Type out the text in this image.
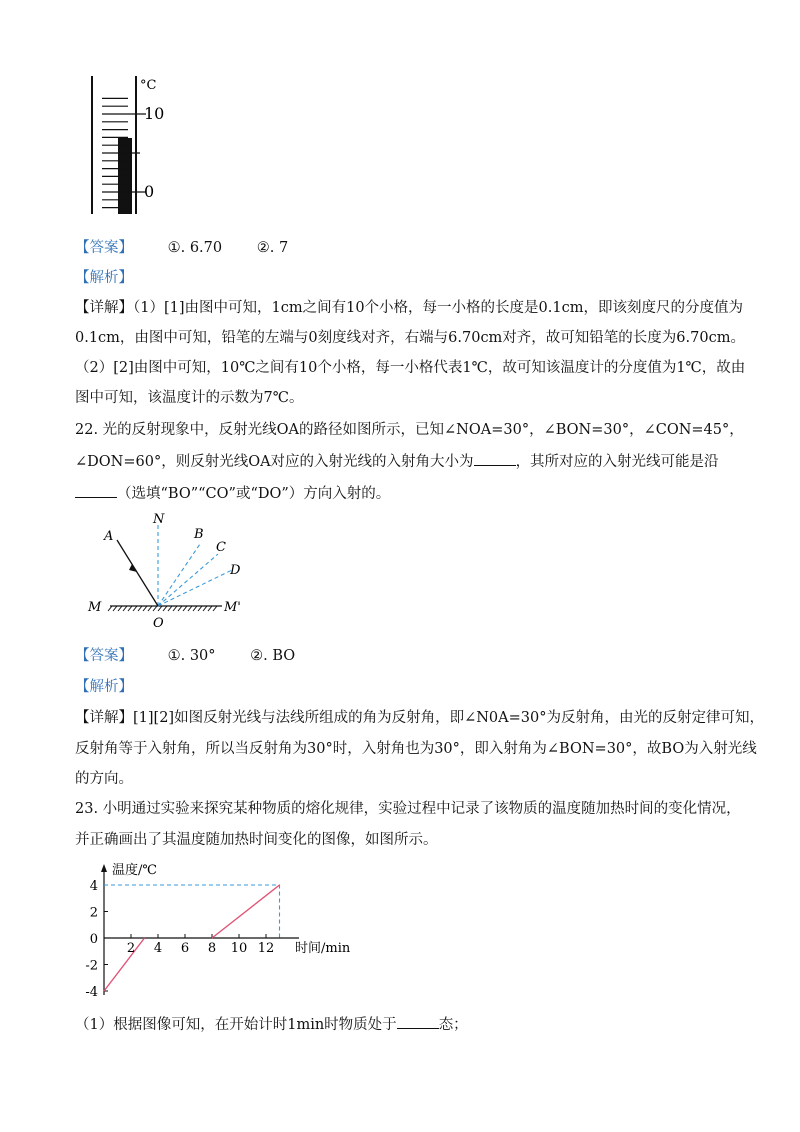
°C
10
0
【答案】 ①. 6.70 ②. 7
【解析】
【详解】（1）[1]由图中可知，1cm之间有10个小格，每一小格的长度是0.1cm，即该刻度尺的分度值为
0.1cm，由图中可知，铅笔的左端与0刻度线对齐，右端与6.70cm对齐，故可知铅笔的长度为6.70cm。
（2）[2]由图中可知，10℃之间有10个小格，每一小格代表1℃，故可知该温度计的分度值为1℃，故由
图中可知，该温度计的示数为7℃。
22. 光的反射现象中，反射光线OA的路径如图所示，已知∠NOA=30°，∠BON=30°，∠CON=45°，
∠DON=60°，则反射光线OA对应的入射光线的入射角大小为	，其所对应的入射光线可能是沿
（选填“BO”“CO”或“DO”）方向入射的。
A
N
B
C
D
M	M'
O
【答案】 ①. 30° ②. BO
【解析】
【详解】[1][2]如图反射光线与法线所组成的角为反射角，即∠N0A=30°为反射角，由光的反射定律可知，
反射角等于入射角，所以当反射角为30°时，入射角也为30°，即入射角为∠BON=30°，故BO为入射光线
的方向。
23. 小明通过实验来探究某种物质的熔化规律，实验过程中记录了该物质的温度随加热时间的变化情况，
并正确画出了其温度随加热时间变化的图像，如图所示。
2 4 6 8 10 12
4
2
0
-2
-4
温度/℃
时间/min
（1）根据图像可知，在开始计时1min时物质处于	态；
